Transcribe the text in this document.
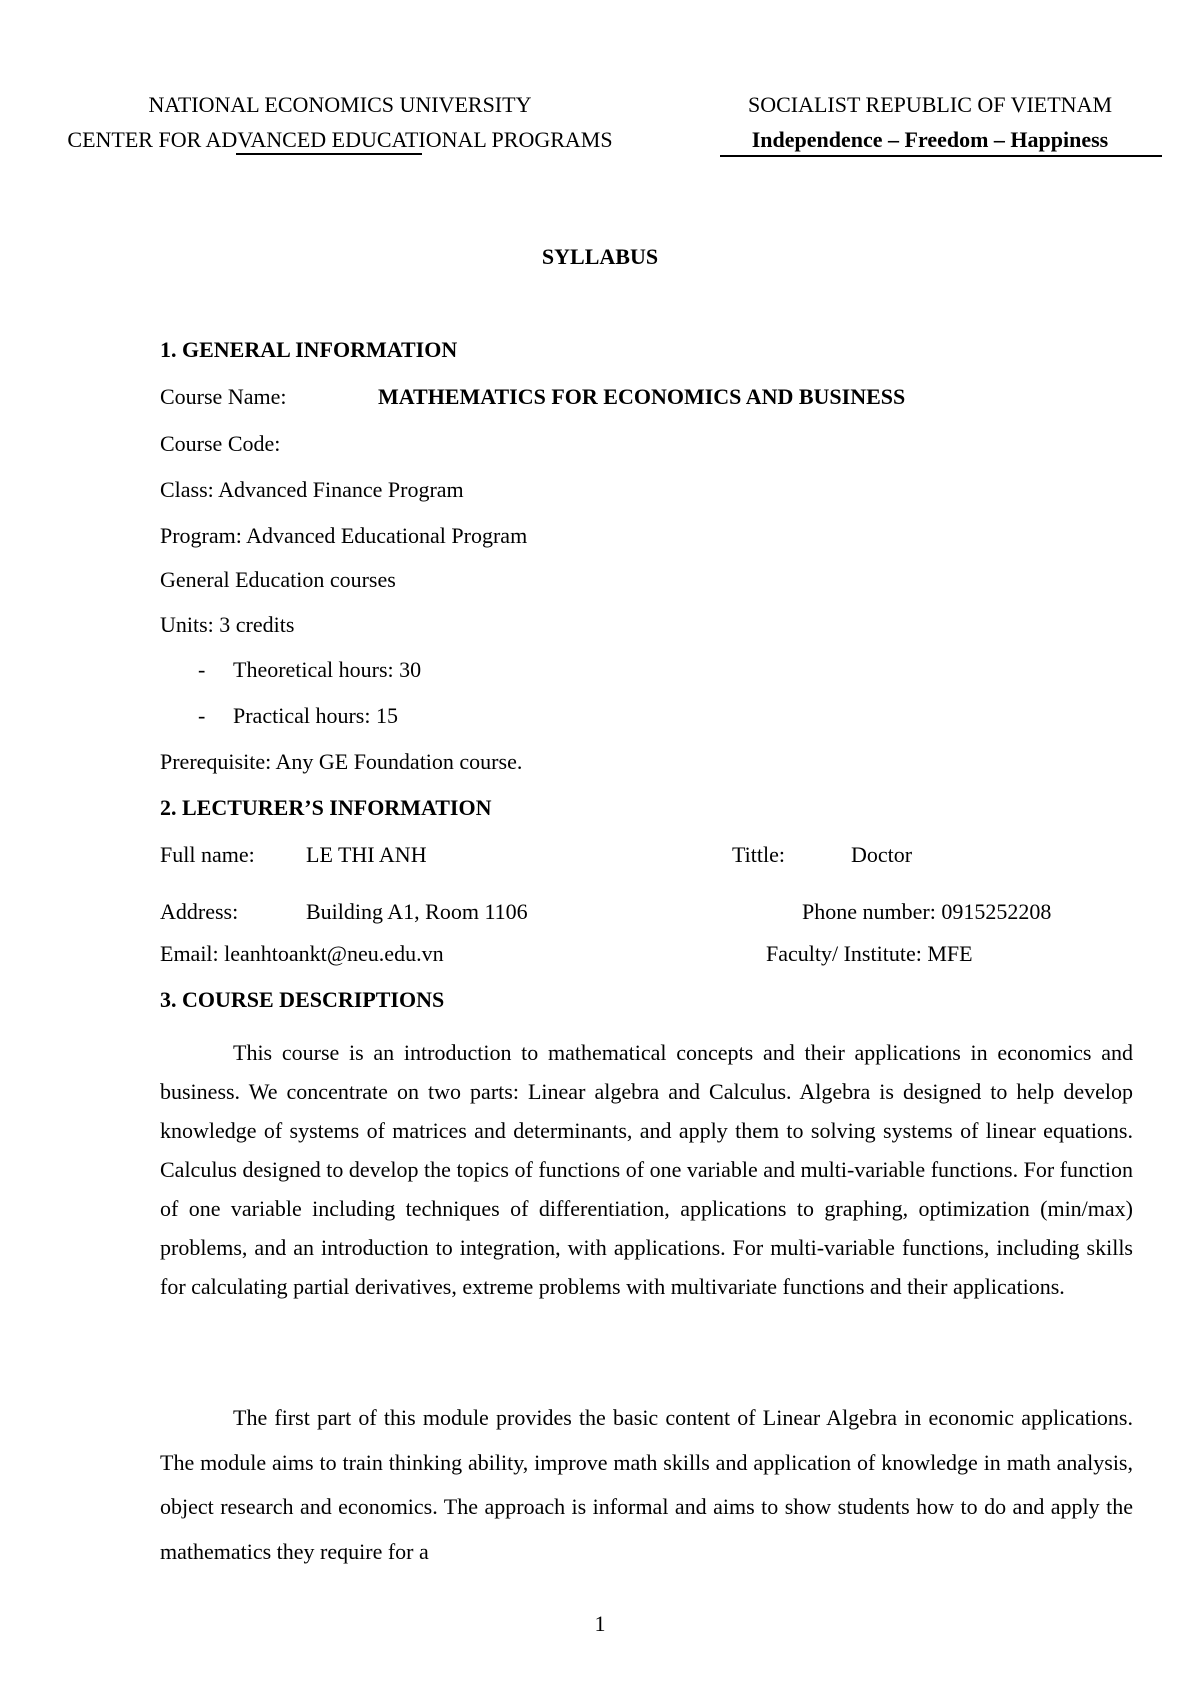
NATIONAL ECONOMICS UNIVERSITY
CENTER FOR ADVANCED EDUCATIONAL PROGRAMS
SOCIALIST REPUBLIC OF VIETNAM
Independence – Freedom – Happiness
SYLLABUS
1. GENERAL INFORMATION
Course Name:	MATHEMATICS FOR ECONOMICS AND BUSINESS
Course Code:
Class: Advanced Finance Program
Program: Advanced Educational Program
General Education courses
Units: 3 credits
- Theoretical hours: 30
- Practical hours: 15
Prerequisite: Any GE Foundation course.
2. LECTURER’S INFORMATION
Full name: LE THI ANH	Tittle:	Doctor
Address:	Building A1, Room 1106	Phone number: 0915252208
Email: leanhtoankt@neu.edu.vn	Faculty/ Institute: MFE
3. COURSE DESCRIPTIONS
This course is an introduction to mathematical concepts and their applications in economics and business. We concentrate on two parts: Linear algebra and Calculus. Algebra is designed to help develop knowledge of systems of matrices and determinants, and apply them to solving systems of linear equations. Calculus designed to develop the topics of functions of one variable and multi-variable functions. For function of one variable including techniques of differentiation, applications to graphing, optimization (min/max) problems, and an introduction to integration, with applications. For multi-variable functions, including skills for calculating partial derivatives, extreme problems with multivariate functions and their applications.
The first part of this module provides the basic content of Linear Algebra in economic applications. The module aims to train thinking ability, improve math skills and application of knowledge in math analysis, object research and economics. The approach is informal and aims to show students how to do and apply the mathematics they require for a
1
